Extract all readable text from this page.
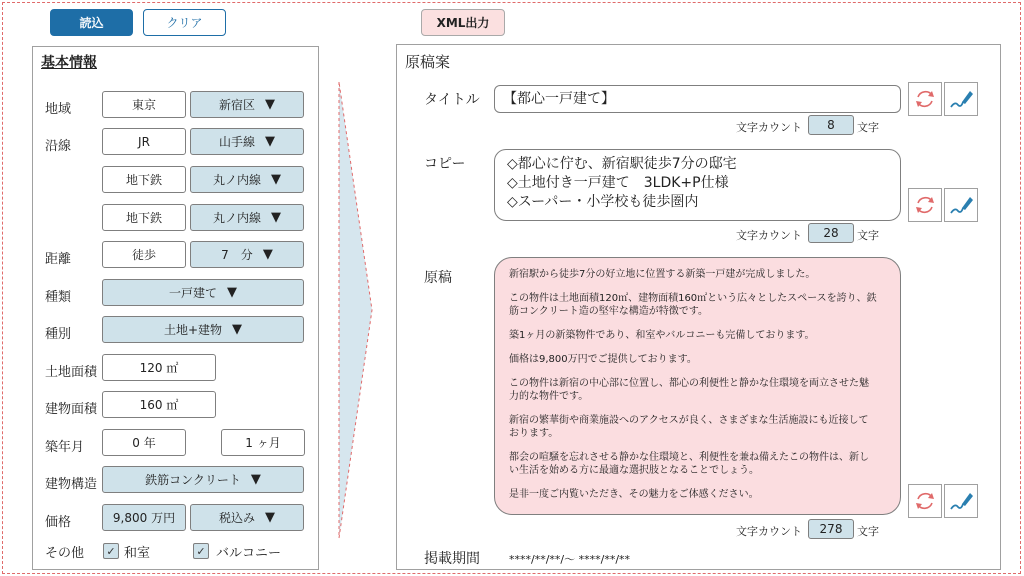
読込	クリア	XML出力
基本情報
地域	東京	新宿区 ▼
沿線	JR	山手線 ▼
地下鉄	丸ノ内線 ▼
地下鉄	丸ノ内線 ▼
距離	徒歩	7　分 ▼
種類	一戸建て ▼
種別	土地+建物 ▼
土地面積	120 ㎡
建物面積	160 ㎡
築年月	0 年	1 ヶ月
建物構造	鉄筋コンクリート ▼
価格	9,800 万円	税込み ▼
その他	✓ 和室	✓ バルコニー
原稿案
タイトル	【都心一戸建て】
文字カウント	8	文字
コピー	◇都心に佇む、新宿駅徒歩7分の邸宅
◇土地付き一戸建て　3LDK+P仕様
◇スーパー・小学校も徒歩圏内
文字カウント	28	文字
原稿	新宿駅から徒歩7分の好立地に位置する新築一戸建が完成しました。

この物件は土地面積120㎡、建物面積160㎡という広々としたスペースを誇り、鉄
筋コンクリート造の堅牢な構造が特徴です。

築1ヶ月の新築物件であり、和室やバルコニーも完備しております。

価格は9,800万円でご提供しております。

この物件は新宿の中心部に位置し、都心の利便性と静かな住環境を両立させた魅
力的な物件です。

新宿の繁華街や商業施設へのアクセスが良く、さまざまな生活施設にも近接して
おります。

都会の喧騒を忘れさせる静かな住環境と、利便性を兼ね備えたこの物件は、新し
い生活を始める方に最適な選択肢となることでしょう。

是非一度ご内覧いただき、その魅力をご体感ください。

文字カウント	278	文字
掲載期間	****/**/**/〜 ****/**/**
